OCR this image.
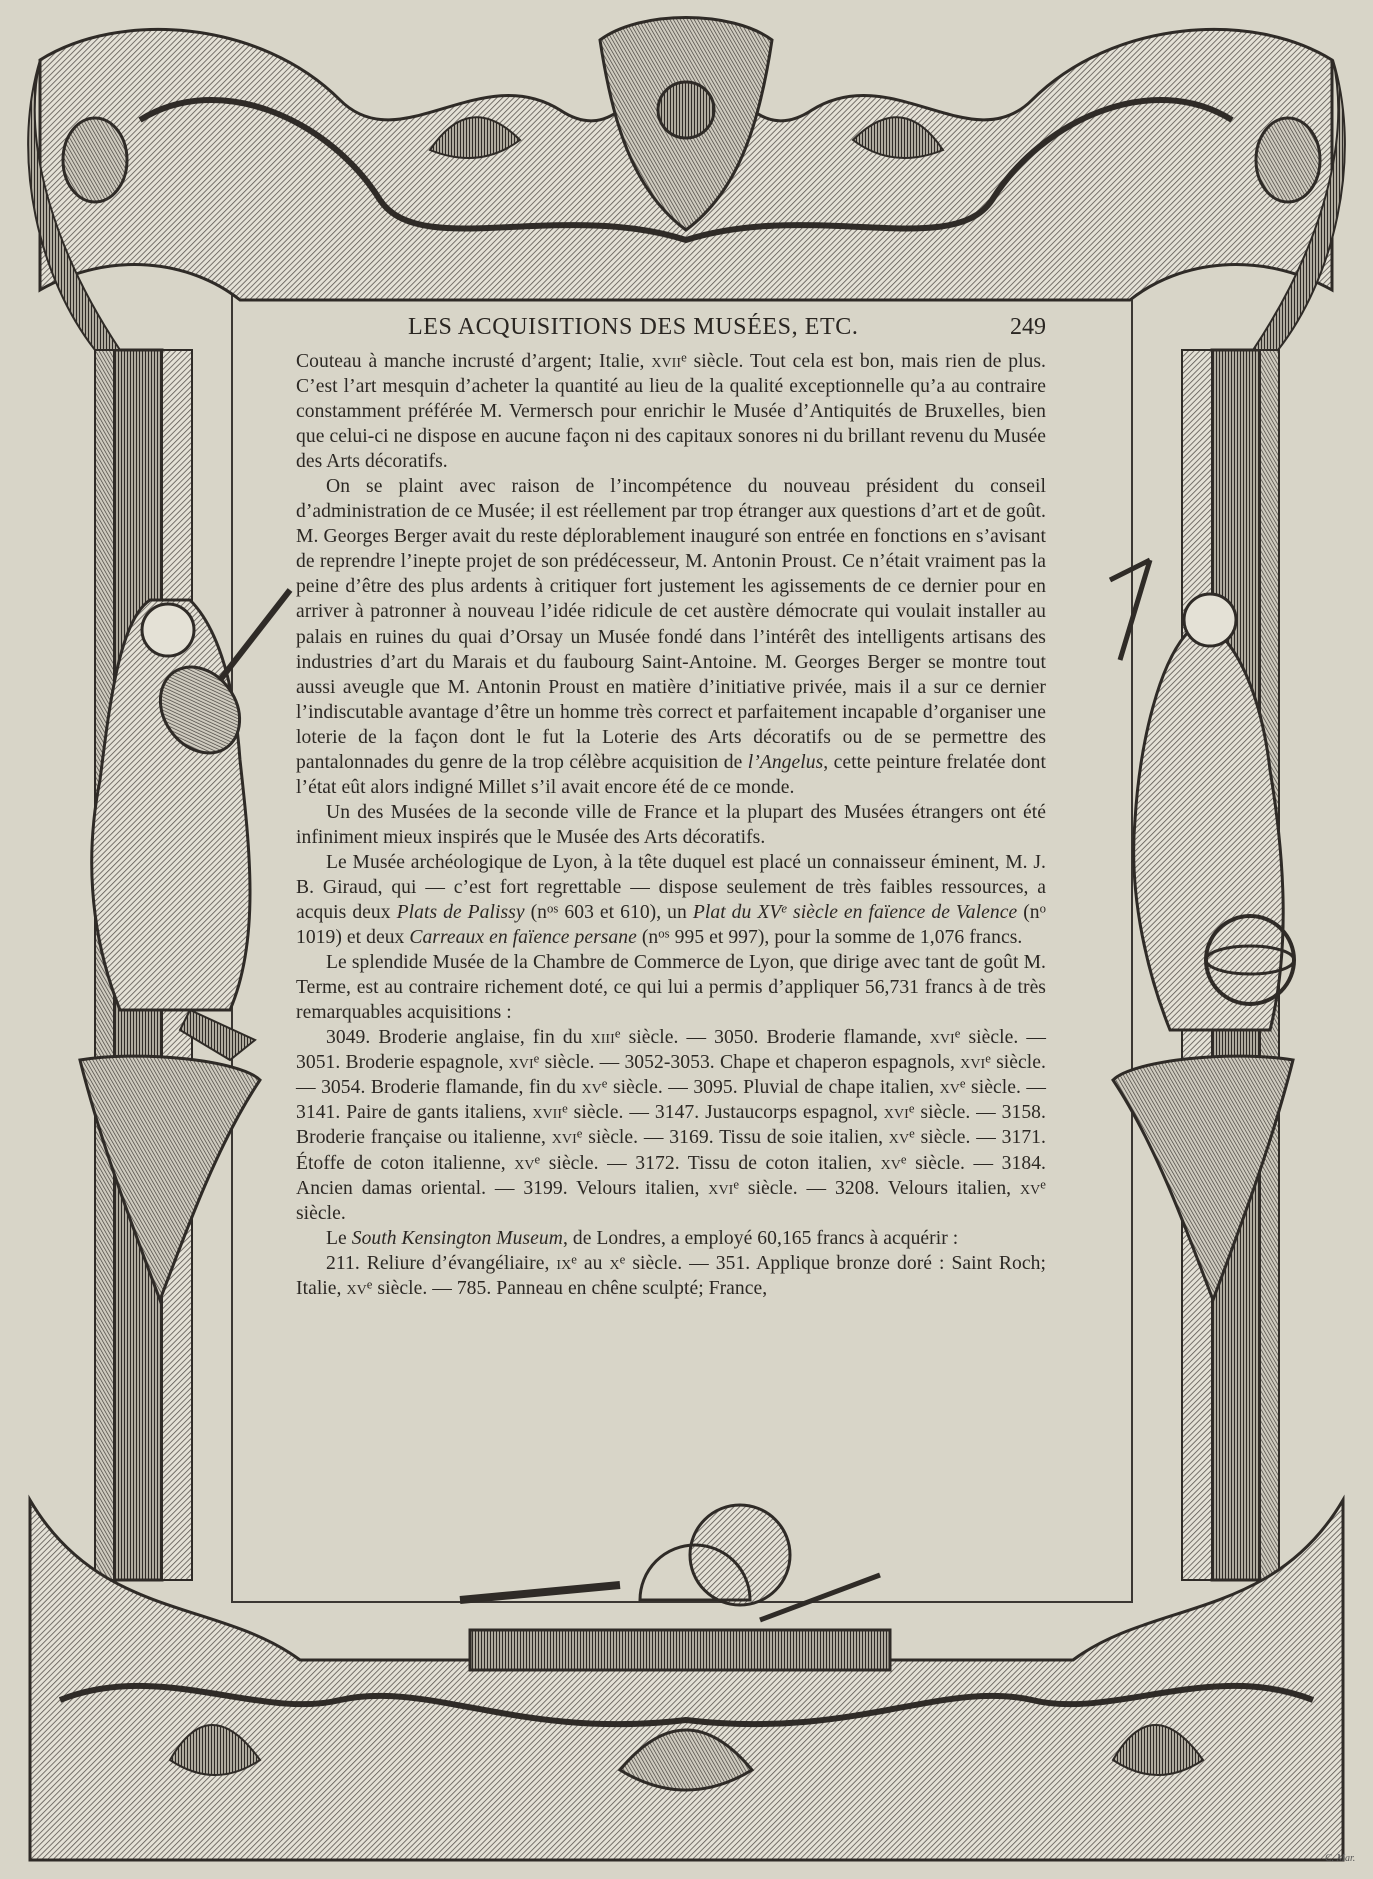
LES ACQUISITIONS DES MUSÉES, ETC.	249

Couteau à manche incrusté d’argent; Italie, xvii$^e$ siècle. Tout cela est bon, mais rien de plus. C’est l’art mesquin d’acheter la quantité au lieu de la qualité exceptionnelle qu’a au contraire constamment préférée M. Vermersch pour enrichir le Musée d’Antiquités de Bruxelles, bien que celui-ci ne dispose en aucune façon ni des capitaux sonores ni du brillant revenu du Musée des Arts décoratifs.

On se plaint avec raison de l’incompétence du nouveau président du conseil d’administration de ce Musée; il est réellement par trop étranger aux questions d’art et de goût. M. Georges Berger avait du reste déplorablement inauguré son entrée en fonctions en s’avisant de reprendre l’inepte projet de son prédécesseur, M. Antonin Proust. Ce n’était vraiment pas la peine d’être des plus ardents à critiquer fort justement les agissements de ce dernier pour en arriver à patronner à nouveau l’idée ridicule de cet austère démocrate qui voulait installer au palais en ruines du quai d’Orsay un Musée fondé dans l’intérêt des intelligents artisans des industries d’art du Marais et du faubourg Saint-Antoine. M. Georges Berger se montre tout aussi aveugle que M. Antonin Proust en matière d’initiative privée, mais il a sur ce dernier l’indiscutable avantage d’être un homme très correct et parfaitement incapable d’organiser une loterie de la façon dont le fut la Loterie des Arts décoratifs ou de se permettre des pantalonnades du genre de la trop célèbre acquisition de l’Angelus, cette peinture frelatée dont l’état eût alors indigné Millet s’il avait encore été de ce monde.

Un des Musées de la seconde ville de France et la plupart des Musées étrangers ont été infiniment mieux inspirés que le Musée des Arts décoratifs.

Le Musée archéologique de Lyon, à la tête duquel est placé un connaisseur éminent, M. J. B. Giraud, qui — c’est fort regrettable — dispose seulement de très faibles ressources, a acquis deux Plats de Palissy ($n^{os}$ 603 et 610), un Plat du XVe siècle en faïence de Valence ($n^o$ 1019) et deux Carreaux en faïence persane ($n^{os}$ 995 et 997), pour la somme de 1,076 francs.

Le splendide Musée de la Chambre de Commerce de Lyon, que dirige avec tant de goût M. Terme, est au contraire richement doté, ce qui lui a permis d’appliquer 56,731 francs à de très remarquables acquisitions :

3049. Broderie anglaise, fin du xiii$^e$ siècle. — 3050. Broderie flamande, xvi$^e$ siècle. — 3051. Broderie espagnole, xvi$^e$ siècle. — 3052-3053. Chape et chaperon espagnols, xvi$^e$ siècle. — 3054. Broderie flamande, fin du $xv^e$ siècle. — 3095. Pluvial de chape italien, $xv^e$ siècle. — 3141. Paire de gants italiens, xvii$^e$ siècle. — 3147. Justaucorps espagnol, xvi$^e$ siècle. — 3158. Broderie française ou italienne, xvi$^e$ siècle. — 3169. Tissu de soie italien, $xv^e$ siècle. — 3171. Étoffe de coton italienne, $xv^e$ siècle. — 3172. Tissu de coton italien, $xv^e$ siècle. — 3184. Ancien damas oriental. — 3199. Velours italien, xvi$^e$ siècle. — 3208. Velours italien, $xv^e$ siècle.

Le South Kensington Museum, de Londres, a employé 60,165 francs à acquérir :

211. Reliure d’évangéliaire, $ix^e$ au $x^e$ siècle. — 351. Applique bronze doré : Saint Roch; Italie, $xv^e$ siècle. — 785. Panneau en chêne sculpté; France,

C. Mar.
